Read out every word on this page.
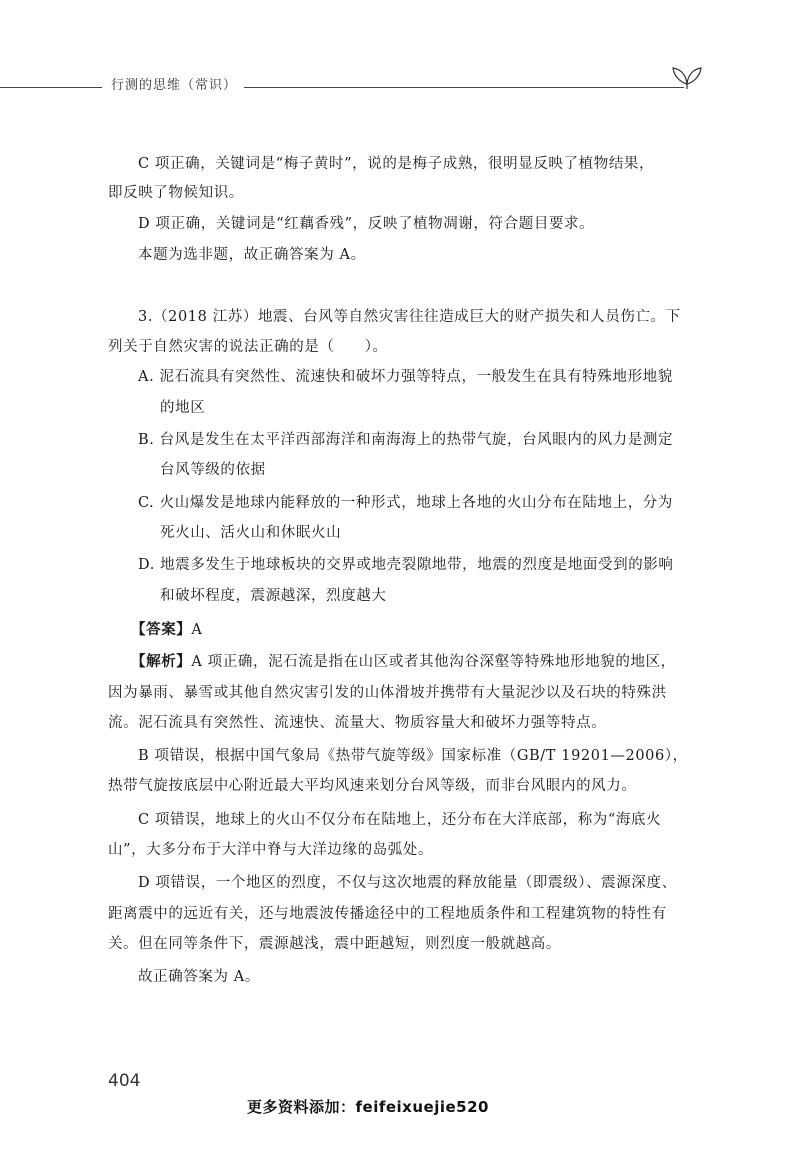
行测的思维（常识）
C 项正确，关键词是“梅子黄时”，说的是梅子成熟，很明显反映了植物结果，
即反映了物候知识。
D 项正确，关键词是“红藕香残”，反映了植物凋谢，符合题目要求。
本题为选非题，故正确答案为 A。
3.（2018 江苏）地震、台风等自然灾害往往造成巨大的财产损失和人员伤亡。下
列关于自然灾害的说法正确的是（　　）。
A. 泥石流具有突然性、流速快和破坏力强等特点，一般发生在具有特殊地形地貌
的地区
B. 台风是发生在太平洋西部海洋和南海海上的热带气旋，台风眼内的风力是测定
台风等级的依据
C. 火山爆发是地球内能释放的一种形式，地球上各地的火山分布在陆地上，分为
死火山、活火山和休眠火山
D. 地震多发生于地球板块的交界或地壳裂隙地带，地震的烈度是地面受到的影响
和破坏程度，震源越深，烈度越大
【答案】A
【解析】A 项正确，泥石流是指在山区或者其他沟谷深壑等特殊地形地貌的地区，
因为暴雨、暴雪或其他自然灾害引发的山体滑坡并携带有大量泥沙以及石块的特殊洪
流。泥石流具有突然性、流速快、流量大、物质容量大和破坏力强等特点。
B 项错误，根据中国气象局《热带气旋等级》国家标准（GB/T 19201—2006），
热带气旋按底层中心附近最大平均风速来划分台风等级，而非台风眼内的风力。
C 项错误，地球上的火山不仅分布在陆地上，还分布在大洋底部，称为“海底火
山”，大多分布于大洋中脊与大洋边缘的岛弧处。
D 项错误，一个地区的烈度，不仅与这次地震的释放能量（即震级）、震源深度、
距离震中的远近有关，还与地震波传播途径中的工程地质条件和工程建筑物的特性有
关。但在同等条件下，震源越浅，震中距越短，则烈度一般就越高。
故正确答案为 A。
404
更多资料添加：feifeixuejie520
